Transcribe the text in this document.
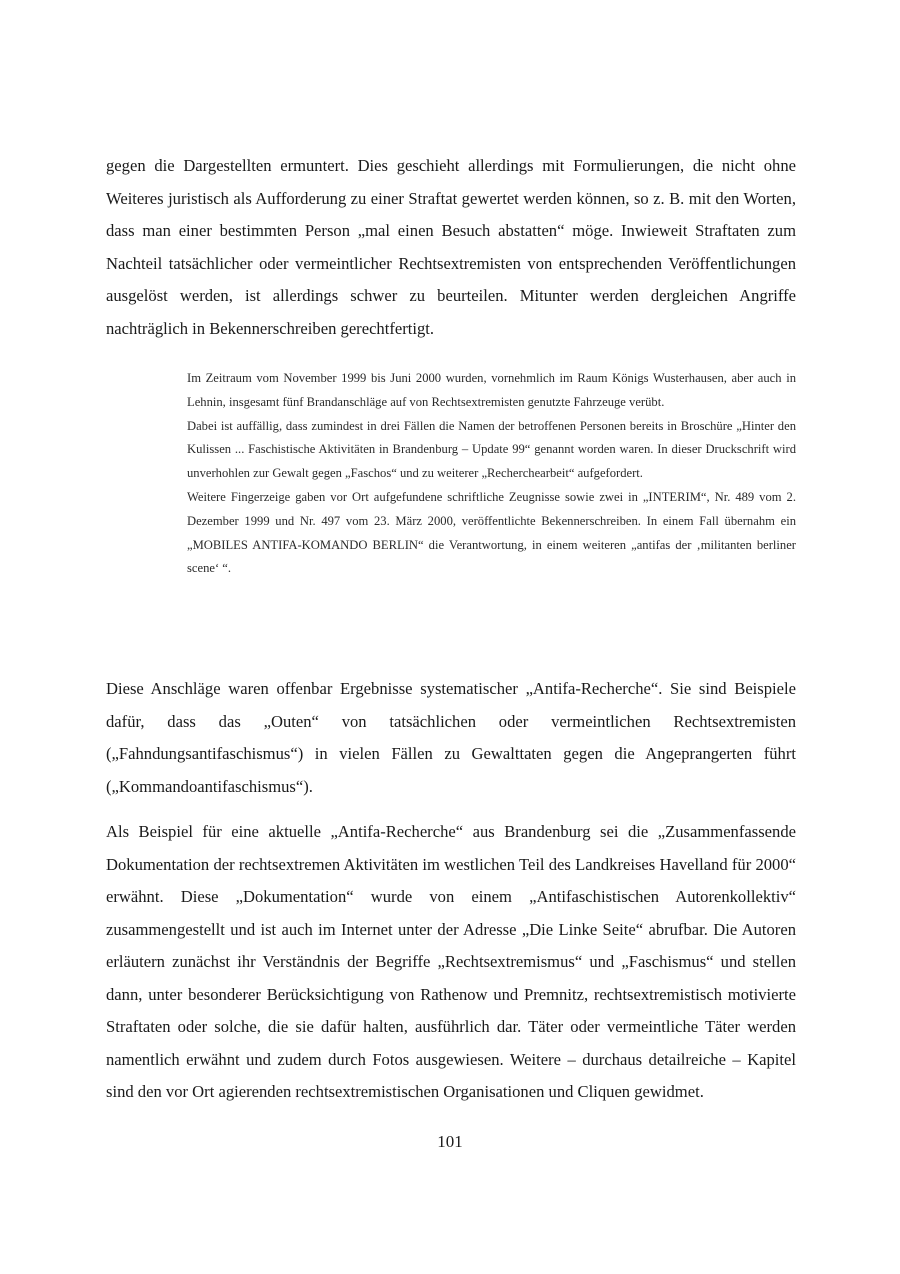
gegen die Dargestellten ermuntert. Dies geschieht allerdings mit Formulierungen, die nicht ohne Weiteres juristisch als Aufforderung zu einer Straftat gewertet werden können, so z. B. mit den Worten, dass man einer bestimmten Person „mal einen Besuch abstatten“ möge. Inwieweit Straftaten zum Nachteil tatsächlicher oder vermeintlicher Rechtsextremisten von entsprechenden Veröffentlichungen ausgelöst werden, ist allerdings schwer zu beurteilen. Mitunter werden dergleichen Angriffe nachträglich in Bekennerschreiben gerechtfertigt.

Im Zeitraum vom November 1999 bis Juni 2000 wurden, vornehmlich im Raum Königs Wusterhausen, aber auch in Lehnin, insgesamt fünf Brandanschläge auf von Rechtsextremisten genutzte Fahrzeuge verübt.

Dabei ist auffällig, dass zumindest in drei Fällen die Namen der betroffenen Personen bereits in Broschüre „Hinter den Kulissen ... Faschistische Aktivitäten in Brandenburg – Update 99“ genannt worden waren. In dieser Druckschrift wird unverhohlen zur Gewalt gegen „Faschos“ und zu weiterer „Recherchearbeit“ aufgefordert.

Weitere Fingerzeige gaben vor Ort aufgefundene schriftliche Zeugnisse sowie zwei in „INTERIM“, Nr. 489 vom 2. Dezember 1999 und Nr. 497 vom 23. März 2000, veröffentlichte Bekennerschreiben. In einem Fall übernahm ein „MOBILES ANTIFA-KOMANDO BERLIN“ die Verantwortung, in einem weiteren „antifas der ‚militanten berliner scene‘ “.

Diese Anschläge waren offenbar Ergebnisse systematischer „Antifa-Recherche“. Sie sind Beispiele dafür, dass das „Outen“ von tatsächlichen oder vermeintlichen Rechtsextremisten („Fahndungsantifaschismus“) in vielen Fällen zu Gewalttaten gegen die Angeprangerten führt („Kommandoantifaschismus“).

Als Beispiel für eine aktuelle „Antifa-Recherche“ aus Brandenburg sei die „Zusammenfassende Dokumentation der rechtsextremen Aktivitäten im westlichen Teil des Landkreises Havelland für 2000“ erwähnt. Diese „Dokumentation“ wurde von einem „Antifaschistischen Autorenkollektiv“ zusammengestellt und ist auch im Internet unter der Adresse „Die Linke Seite“ abrufbar. Die Autoren erläutern zunächst ihr Verständnis der Begriffe „Rechtsextremismus“ und „Faschismus“ und stellen dann, unter besonderer Berücksichtigung von Rathenow und Premnitz, rechtsextremistisch motivierte Straftaten oder solche, die sie dafür halten, ausführlich dar. Täter oder vermeintliche Täter werden namentlich erwähnt und zudem durch Fotos ausgewiesen. Weitere – durchaus detailreiche – Kapitel sind den vor Ort agierenden rechtsextremistischen Organisationen und Cliquen gewidmet.

101
